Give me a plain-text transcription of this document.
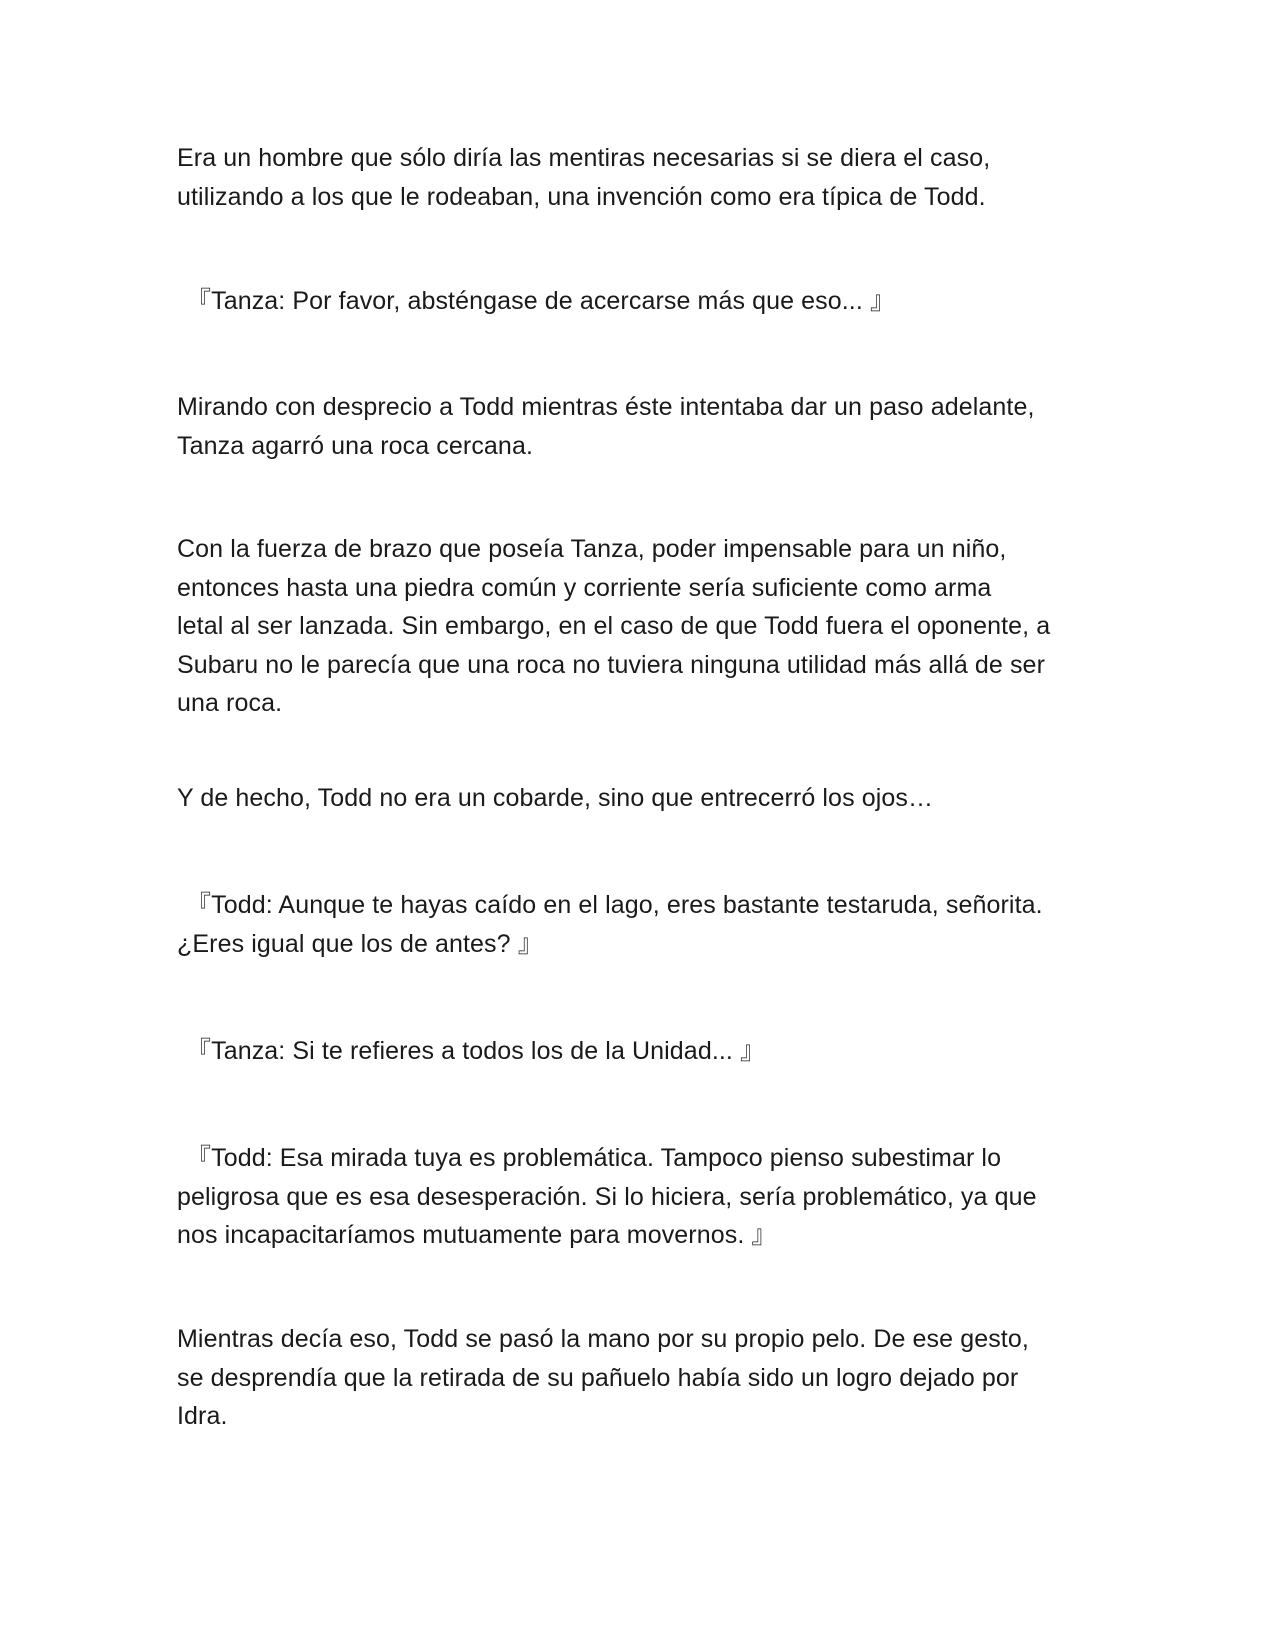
Era un hombre que sólo diría las mentiras necesarias si se diera el caso,
utilizando a los que le rodeaban, una invención como era típica de Todd.

『Tanza: Por favor, absténgase de acercarse más que eso... 』

Mirando con desprecio a Todd mientras éste intentaba dar un paso adelante,
Tanza agarró una roca cercana.

Con la fuerza de brazo que poseía Tanza, poder impensable para un niño,
entonces hasta una piedra común y corriente sería suficiente como arma
letal al ser lanzada. Sin embargo, en el caso de que Todd fuera el oponente, a
Subaru no le parecía que una roca no tuviera ninguna utilidad más allá de ser
una roca.

Y de hecho, Todd no era un cobarde, sino que entrecerró los ojos…

『Todd: Aunque te hayas caído en el lago, eres bastante testaruda, señorita.
¿Eres igual que los de antes? 』

『Tanza: Si te refieres a todos los de la Unidad... 』

『Todd: Esa mirada tuya es problemática. Tampoco pienso subestimar lo
peligrosa que es esa desesperación. Si lo hiciera, sería problemático, ya que
nos incapacitaríamos mutuamente para movernos. 』

Mientras decía eso, Todd se pasó la mano por su propio pelo. De ese gesto,
se desprendía que la retirada de su pañuelo había sido un logro dejado por
Idra.
